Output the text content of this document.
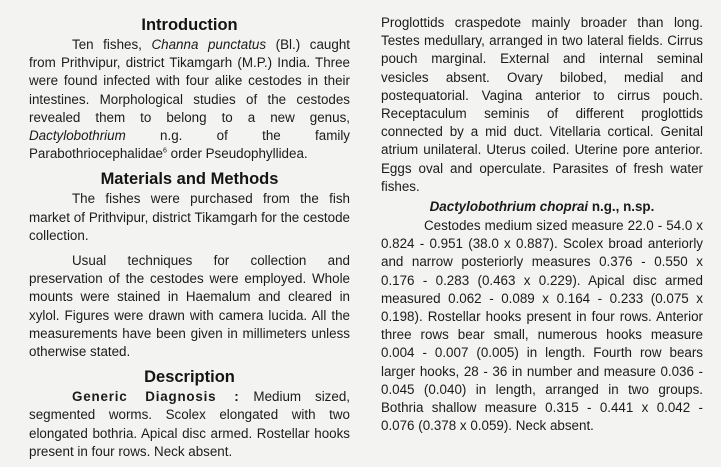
Introduction

Ten fishes, Channa punctatus (Bl.) caught from Prithvipur, district Tikamgarh (M.P.) India. Three were found infected with four alike cestodes in their intestines. Morphological studies of the cestodes revealed them to belong to a new genus, Dactylobothrium n.g. of the family Parabothriocephalidae$^6$ order Pseudophyllidea.

Materials and Methods

The fishes were purchased from the fish market of Prithvipur, district Tikamgarh for the cestode collection.

Usual techniques for collection and preservation of the cestodes were employed. Whole mounts were stained in Haemalum and cleared in xylol. Figures were drawn with camera lucida. All the measurements have been given in millimeters unless otherwise stated.

Description

Generic Diagnosis : Medium sized, segmented worms. Scolex elongated with two elongated bothria. Apical disc armed. Rostellar hooks present in four rows. Neck absent.

Proglottids craspedote mainly broader than long. Testes medullary, arranged in two lateral fields. Cirrus pouch marginal. External and internal seminal vesicles absent. Ovary bilobed, medial and postequatorial. Vagina anterior to cirrus pouch. Receptaculum seminis of different proglottids connected by a mid duct. Vitellaria cortical. Genital atrium unilateral. Uterus coiled. Uterine pore anterior. Eggs oval and operculate. Parasites of fresh water fishes.

Dactylobothrium choprai n.g., n.sp.

Cestodes medium sized measure 22.0 - 54.0 x 0.824 - 0.951 (38.0 x 0.887). Scolex broad anteriorly and narrow posteriorly measures 0.376 - 0.550 x 0.176 - 0.283 (0.463 x 0.229). Apical disc armed measured 0.062 - 0.089 x 0.164 - 0.233 (0.075 x 0.198). Rostellar hooks present in four rows. Anterior three rows bear small, numerous hooks measure 0.004 - 0.007 (0.005) in length. Fourth row bears larger hooks, 28 - 36 in number and measure 0.036 - 0.045 (0.040) in length, arranged in two groups. Bothria shallow measure 0.315 - 0.441 x 0.042 - 0.076 (0.378 x 0.059). Neck absent.
